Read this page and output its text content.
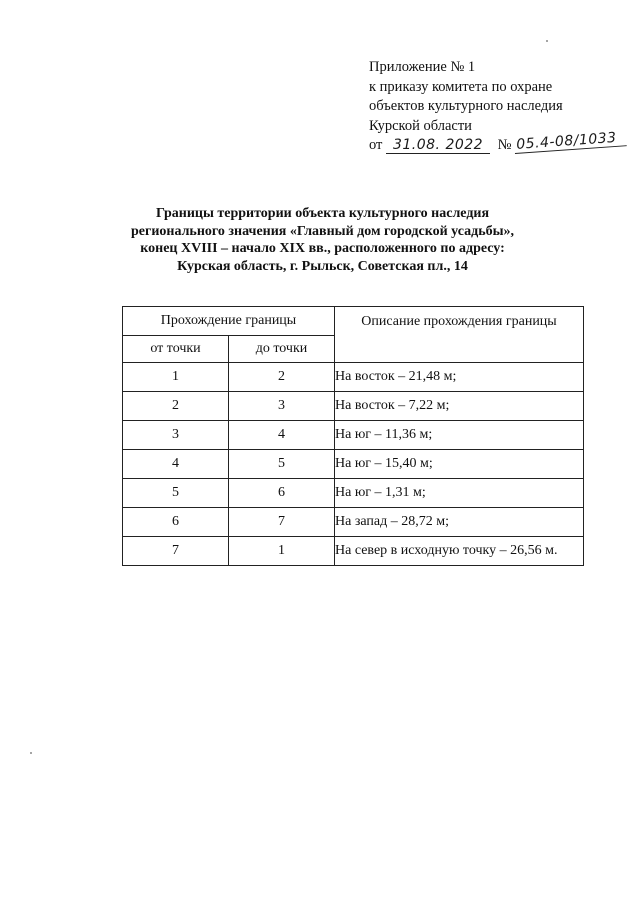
Приложение № 1
к приказу комитета по охране
объектов культурного наследия
Курской области
от 31.08. 2022 № 05.4-08/1033
Границы территории объекта культурного наследия
регионального значения «Главный дом городской усадьбы»,
конец XVIII – начало XIX вв., расположенного по адресу:
Курская область, г. Рыльск, Советская пл., 14
Прохождение границы		Описание прохождения границы
от точки	до точки	
1	2	На восток – 21,48 м;
2	3	На восток – 7,22 м;
3	4	На юг – 11,36 м;
4	5	На юг – 15,40 м;
5	6	На юг – 1,31 м;
6	7	На запад – 28,72 м;
7	1	На север в исходную точку – 26,56 м.
